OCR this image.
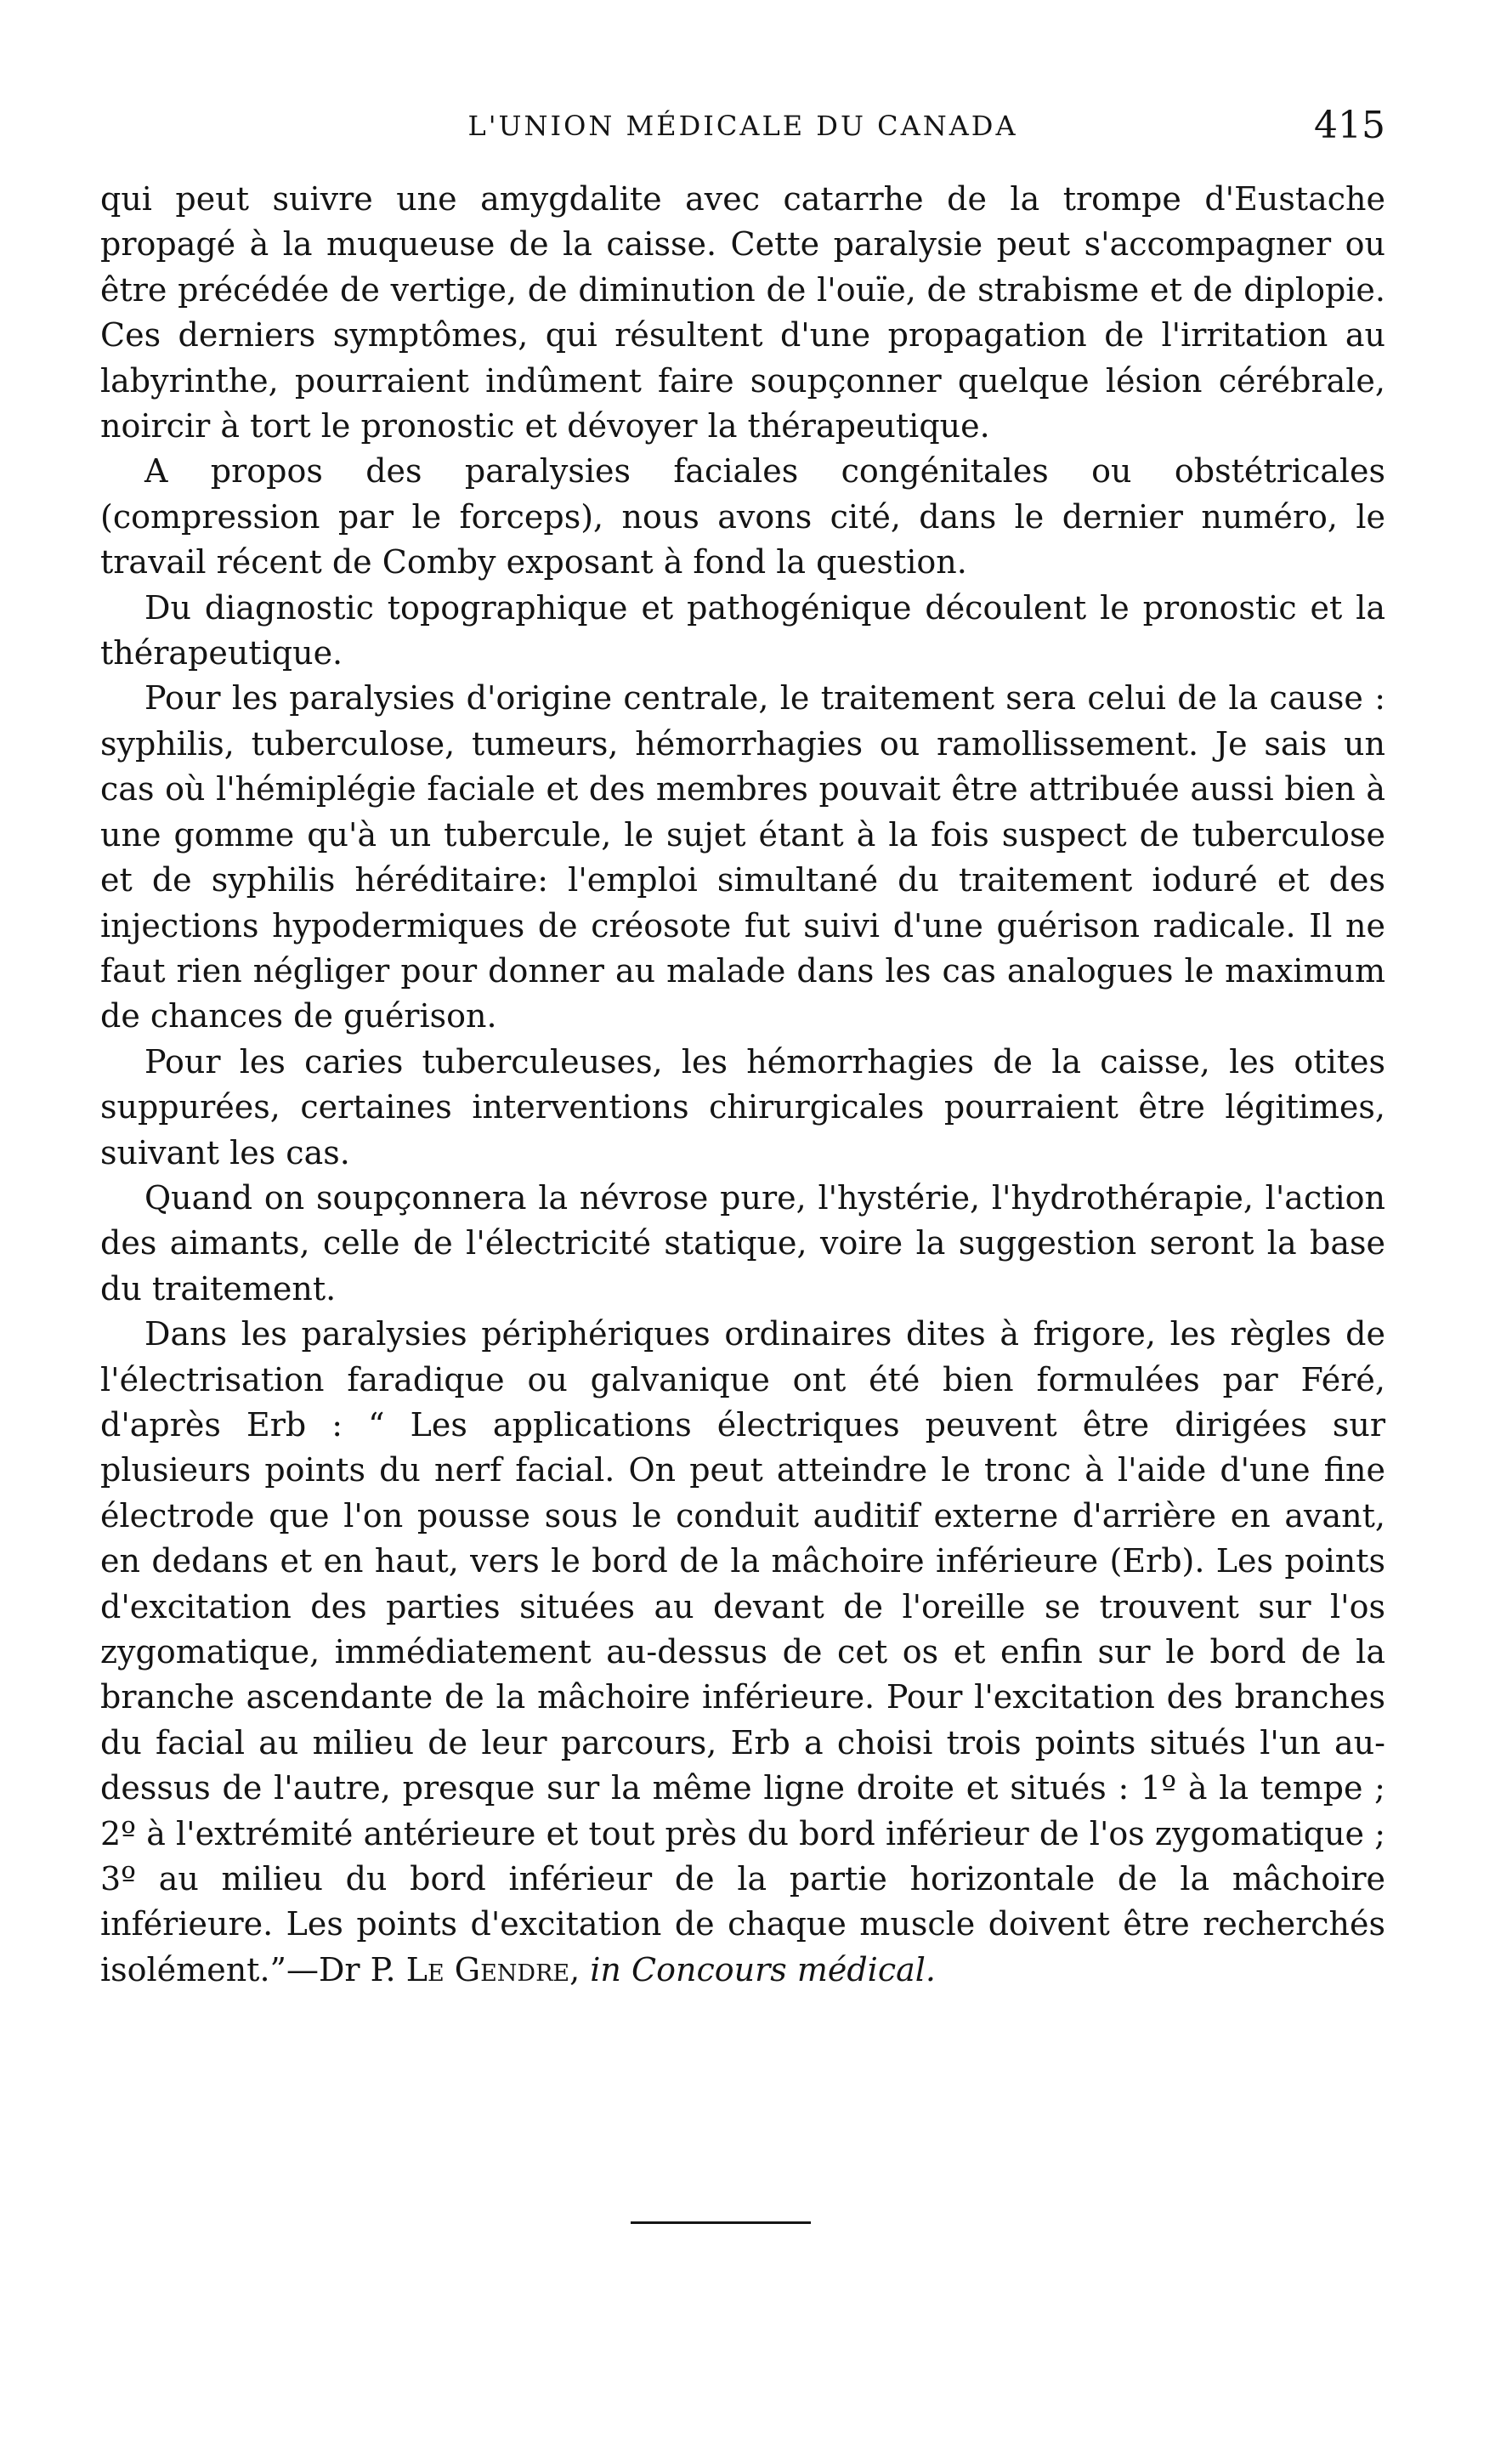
L'UNION MÉDICALE DU CANADA	415

qui peut suivre une amygdalite avec catarrhe de la trompe d'Eustache propagé à la muqueuse de la caisse. Cette paralysie peut s'accompagner ou être précédée de vertige, de diminution de l'ouïe, de strabisme et de diplopie. Ces derniers symptômes, qui résultent d'une propagation de l'irritation au labyrinthe, pourraient indûment faire soupçonner quelque lésion cérébrale, noircir à tort le pronostic et dévoyer la thérapeutique.

A propos des paralysies faciales congénitales ou obstétricales (compression par le forceps), nous avons cité, dans le dernier numéro, le travail récent de Comby exposant à fond la question.

Du diagnostic topographique et pathogénique découlent le pronostic et la thérapeutique.

Pour les paralysies d'origine centrale, le traitement sera celui de la cause : syphilis, tuberculose, tumeurs, hémorrhagies ou ramollissement. Je sais un cas où l'hémiplégie faciale et des membres pouvait être attribuée aussi bien à une gomme qu'à un tubercule, le sujet étant à la fois suspect de tuberculose et de syphilis héréditaire: l'emploi simultané du traitement ioduré et des injections hypodermiques de créosote fut suivi d'une guérison radicale. Il ne faut rien négliger pour donner au malade dans les cas analogues le maximum de chances de guérison.

Pour les caries tuberculeuses, les hémorrhagies de la caisse, les otites suppurées, certaines interventions chirurgicales pourraient être légitimes, suivant les cas.

Quand on soupçonnera la névrose pure, l'hystérie, l'hydrothérapie, l'action des aimants, celle de l'électricité statique, voire la suggestion seront la base du traitement.

Dans les paralysies périphériques ordinaires dites à frigore, les règles de l'électrisation faradique ou galvanique ont été bien formulées par Féré, d'après Erb : “ Les applications électriques peuvent être dirigées sur plusieurs points du nerf facial. On peut atteindre le tronc à l'aide d'une fine électrode que l'on pousse sous le conduit auditif externe d'arrière en avant, en dedans et en haut, vers le bord de la mâchoire inférieure (Erb). Les points d'excitation des parties situées au devant de l'oreille se trouvent sur l'os zygomatique, immédiatement au-dessus de cet os et enfin sur le bord de la branche ascendante de la mâchoire inférieure. Pour l'excitation des branches du facial au milieu de leur parcours, Erb a choisi trois points situés l'un au-dessus de l'autre, presque sur la même ligne droite et situés : 1º à la tempe ; 2º à l'extrémité antérieure et tout près du bord inférieur de l'os zygomatique ; 3º au milieu du bord inférieur de la partie horizontale de la mâchoire inférieure. Les points d'excitation de chaque muscle doivent être recherchés isolément.”—Dr P. Le Gendre, in Concours médical.
